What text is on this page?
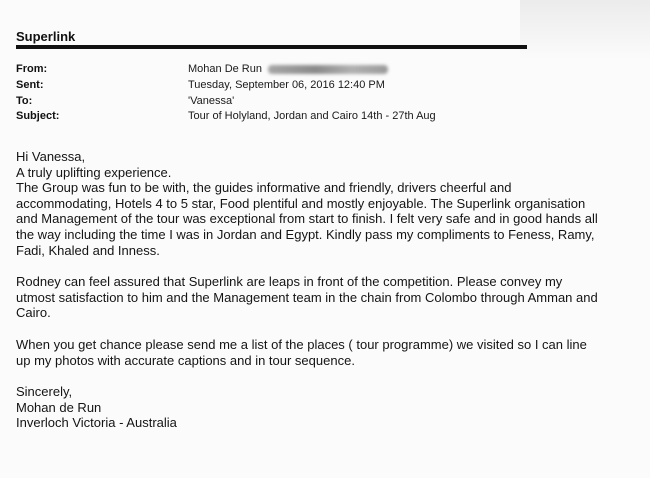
Superlink
From:	Mohan De Run
Sent:	Tuesday, September 06, 2016 12:40 PM
To:	'Vanessa'
Subject:	Tour of Holyland, Jordan and Cairo 14th - 27th Aug

Hi Vanessa,

A truly uplifting experience.

The Group was fun to be with, the guides informative and friendly, drivers cheerful and

accommodating, Hotels 4 to 5 star, Food plentiful and mostly enjoyable. The Superlink organisation

and Management of the tour was exceptional from start to finish. I felt very safe and in good hands all

the way including the time I was in Jordan and Egypt. Kindly pass my compliments to Feness, Ramy,

Fadi, Khaled and Inness.

Rodney can feel assured that Superlink are leaps in front of the competition. Please convey my

utmost satisfaction to him and the Management team in the chain from Colombo through Amman and

Cairo.

When you get chance please send me a list of the places ( tour programme) we visited so I can line

up my photos with accurate captions and in tour sequence.

Sincerely,

Mohan de Run

Inverloch Victoria - Australia
